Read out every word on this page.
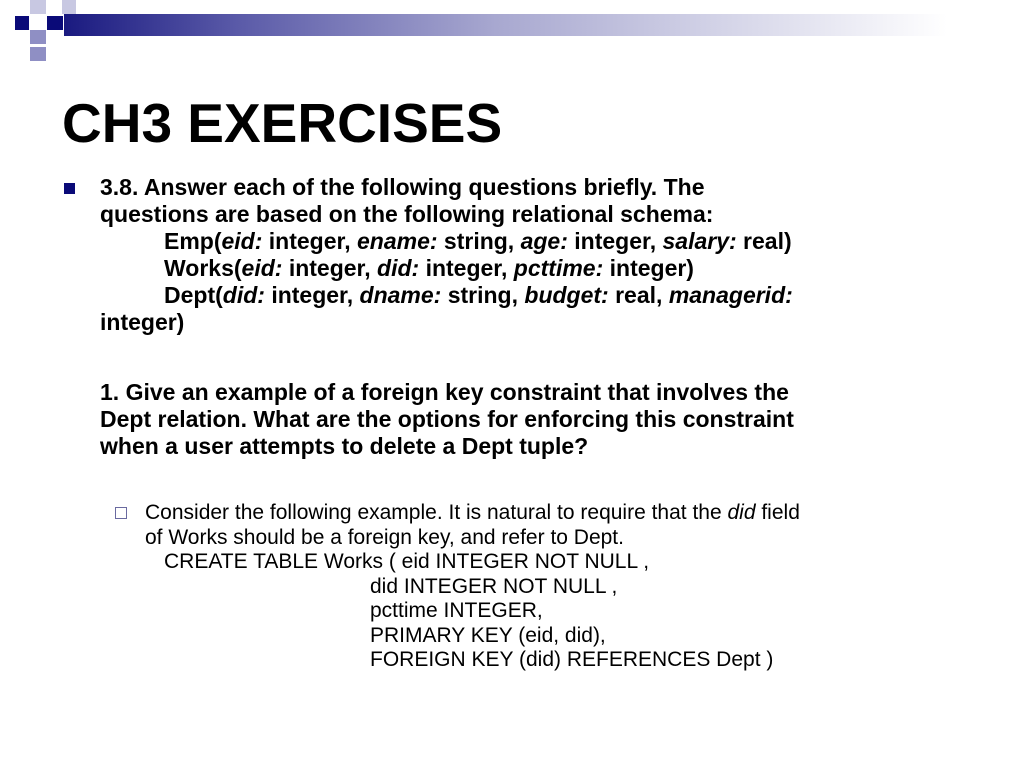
CH3 EXERCISES

3.8. Answer each of the following questions briefly. The

questions are based on the following relational schema:

Emp(eid: integer, ename: string, age: integer, salary: real)

Works(eid: integer, did: integer, pcttime: integer)

Dept(did: integer, dname: string, budget: real, managerid:

integer)

1. Give an example of a foreign key constraint that involves the

Dept relation. What are the options for enforcing this constraint

when a user attempts to delete a Dept tuple?

Consider the following example. It is natural to require that the did field

of Works should be a foreign key, and refer to Dept.

CREATE TABLE Works ( eid INTEGER NOT NULL ,

did INTEGER NOT NULL ,

pcttime INTEGER,

PRIMARY KEY (eid, did),

FOREIGN KEY (did) REFERENCES Dept )
